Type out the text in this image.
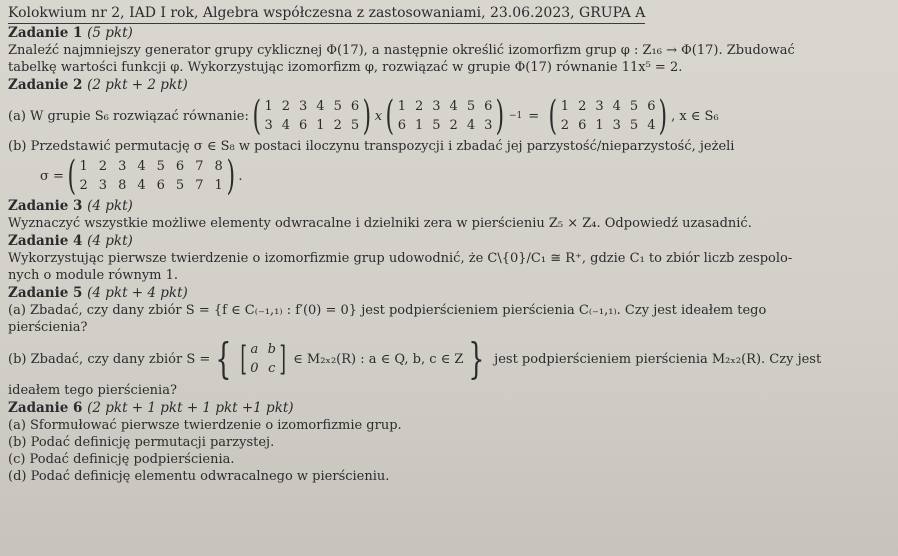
Kolokwium nr 2, IAD I rok, Algebra współczesna z zastosowaniami, 23.06.2023, GRUPA A
Zadanie 1 (5 pkt)
Znaleźć najmniejszy generator grupy cyklicznej Φ(17), a następnie określić izomorfizm grup φ : Z₁₆ → Φ(17). Zbudować
tabelkę wartości funkcji φ. Wykorzystując izomorfizm φ, rozwiązać w grupie Φ(17) równanie 11x⁵ = 2.
Zadanie 2 (2 pkt + 2 pkt)
(a) W grupie S₆ rozwiązać równanie: ( 1 2 3 4 5 6
3 4 6 1 2 5 ) x ( 1 2 3 4 5 6
6 1 5 2 4 3 ) −1 = ( 1 2 3 4 5 6
2 6 1 3 5 4 ) , x ∈ S₆
(b) Przedstawić permutację σ ∈ S₈ w postaci iloczynu transpozycji i zbadać jej parzystość/nieparzystość, jeżeli
σ = ( 1 2 3 4 5 6 7 8
2 3 8 4 6 5 7 1 ) .
Zadanie 3 (4 pkt)
Wyznaczyć wszystkie możliwe elementy odwracalne i dzielniki zera w pierścieniu Z₅ × Z₄. Odpowiedź uzasadnić.
Zadanie 4 (4 pkt)
Wykorzystując pierwsze twierdzenie o izomorfizmie grup udowodnić, że C\{0}/C₁ ≅ R⁺, gdzie C₁ to zbiór liczb zespolo-
nych o module równym 1.
Zadanie 5 (4 pkt + 4 pkt)
(a) Zbadać, czy dany zbiór S = {f ∈ C₍₋₁,₁₎ : f′(0) = 0} jest podpierścieniem pierścienia C₍₋₁,₁₎. Czy jest ideałem tego
pierścienia?
(b) Zbadać, czy dany zbiór S = { [ a b
0 c ] ∈ M₂ₓ₂(R) : a ∈ Q, b, c ∈ Z } jest podpierścieniem pierścienia M₂ₓ₂(R). Czy jest
ideałem tego pierścienia?
Zadanie 6 (2 pkt + 1 pkt + 1 pkt +1 pkt)
(a) Sformułować pierwsze twierdzenie o izomorfizmie grup.
(b) Podać definicję permutacji parzystej.
(c) Podać definicję podpierścienia.
(d) Podać definicję elementu odwracalnego w pierścieniu.
